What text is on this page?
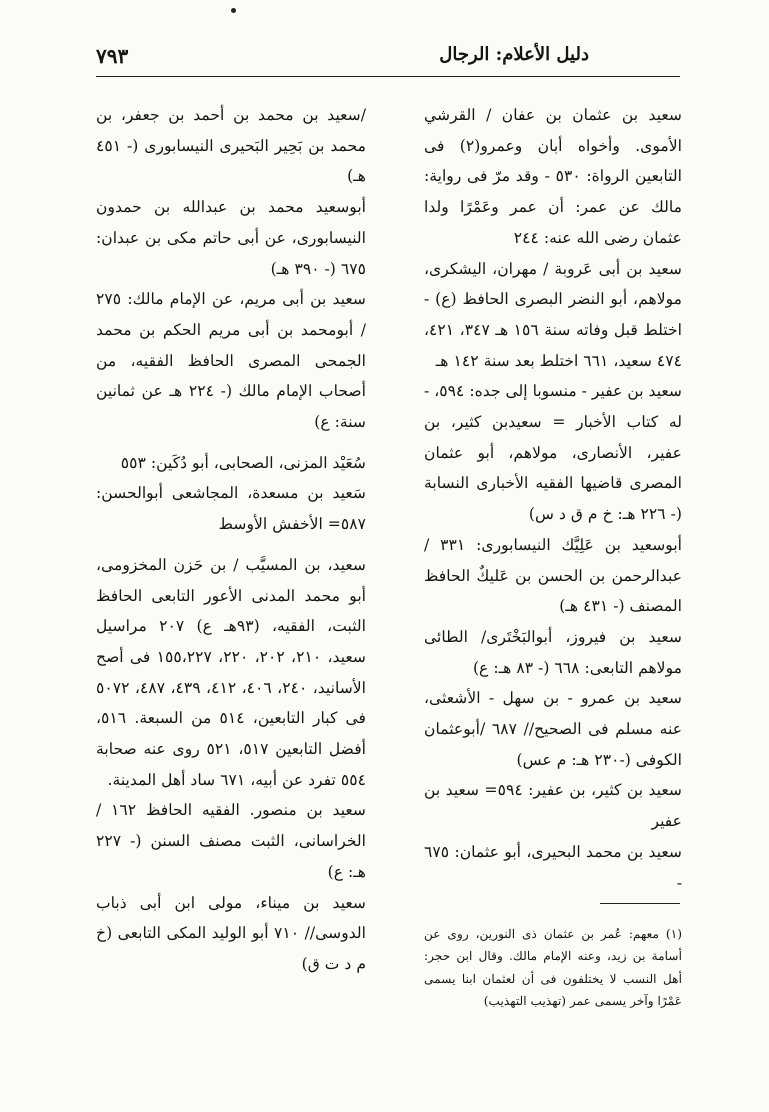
دليل الأعلام: الرجال
٧٩٣

سعيد بن عثمان بن عفان / القرشي الأموى. وأخواه أبان وعمرو(٢) فى التابعين الرواة: ٥٣٠ - وقد مرّ فى رواية: مالك عن عمر: أن عمر وعَمْرًا ولدا عثمان رضى الله عنه: ٢٤٤

سعيد بن أبى عَروبة / مهران، اليشكرى، مولاهم، أبو النضر البصرى الحافظ (ع) - اختلط قبل وفاته سنة ١٥٦ هـ ٣٤٧، ٤٢١، ٤٧٤ سعيد، ٦٦١ اختلط بعد سنة ١٤٢ هـ

سعيد بن عفير - منسوبا إلى جده: ٥٩٤، - له كتاب الأخبار = سعيدبن كثير، بن عفير، الأنصارى، مولاهم، أبو عثمان المصرى قاضيها الفقيه الأخبارى النسابة (- ٢٢٦ هـ: خ م ق د س)

أبوسعيد بن عَلِيَّك النيسابورى: ٣٣١ /عبدالرحمن بن الحسن بن عَليكٌ الحافظ المصنف (- ٤٣١ هـ)

سعيد بن فيروز، أبوالبَخْتَرى/ الطائى مولاهم التابعى: ٦٦٨ (- ٨٣ هـ: ع)

سعيد بن عمرو - بن سهل - الأشعثى، عنه مسلم فى الصحيح// ٦٨٧ /أبوعثمان الكوفى (-٢٣٠ هـ: م عس)

سعيد بن كثير، بن عفير: ٥٩٤= سعيد بن عفير

سعيد بن محمد البحيرى، أبو عثمان: ٦٧٥ -

/سعيد بن محمد بن أحمد بن جعفر، بن محمد بن بَحِير البَحيرى النيسابورى (- ٤٥١ هـ)

أبوسعيد محمد بن عبدالله بن حمدون النيسابورى، عن أبى حاتم مكى بن عبدان: ٦٧٥ (- ٣٩٠ هـ)

سعيد بن أبى مريم، عن الإمام مالك: ٢٧٥ / أبومحمد بن أبى مريم الحكم بن محمد الجمحى المصرى الحافظ الفقيه، من أصحاب الإمام مالك (- ٢٢٤ هـ عن ثمانين سنة: ع)

سُعَيْد المزنى، الصحابى، أبو دُكَين: ٥٥٣

سَعيد بن مسعدة، المجاشعى أبوالحسن: ٥٨٧= الأخفش الأوسط

سعيد، بن المسيَّب / بن حَزن المخزومى، أبو محمد المدنى الأعور التابعى الحافظ الثبت، الفقيه، (٩٣هـ ع) ٢٠٧ مراسيل سعيد، ٢١٠، ٢٠٢، ٢٢٠، ١٥٥،٢٢٧ فى أصح الأسانيد، ٢٤٠، ٤٠٦، ٤١٢، ٤٣٩، ٤٨٧، ٥٠٧٢ فى كبار التابعين، ٥١٤ من السبعة. ٥١٦، أفضل التابعين ٥١٧، ٥٢١ روى عنه صحابة ٥٥٤ تفرد عن أبيه، ٦٧١ ساد أهل المدينة.

سعيد بن منصور. الفقيه الحافظ ١٦٢ / الخراسانى، الثبت مصنف السنن (- ٢٢٧ هـ: ع)

سعيد بن ميناء، مولى ابن أبى ذباب الدوسى// ٧١٠ أبو الوليد المكى التابعى (خ م د ت ق)

(١) معهم: عُمر بن عثمان ذى النورين، روى عن أسامة بن زيد، وعنه الإمام مالك. وقال ابن حجر: أهل النسب لا يختلفون فى أن لعثمان ابنا يسمى عَمْرًا وآخر يسمى عمر (تهذيب التهذيب)
